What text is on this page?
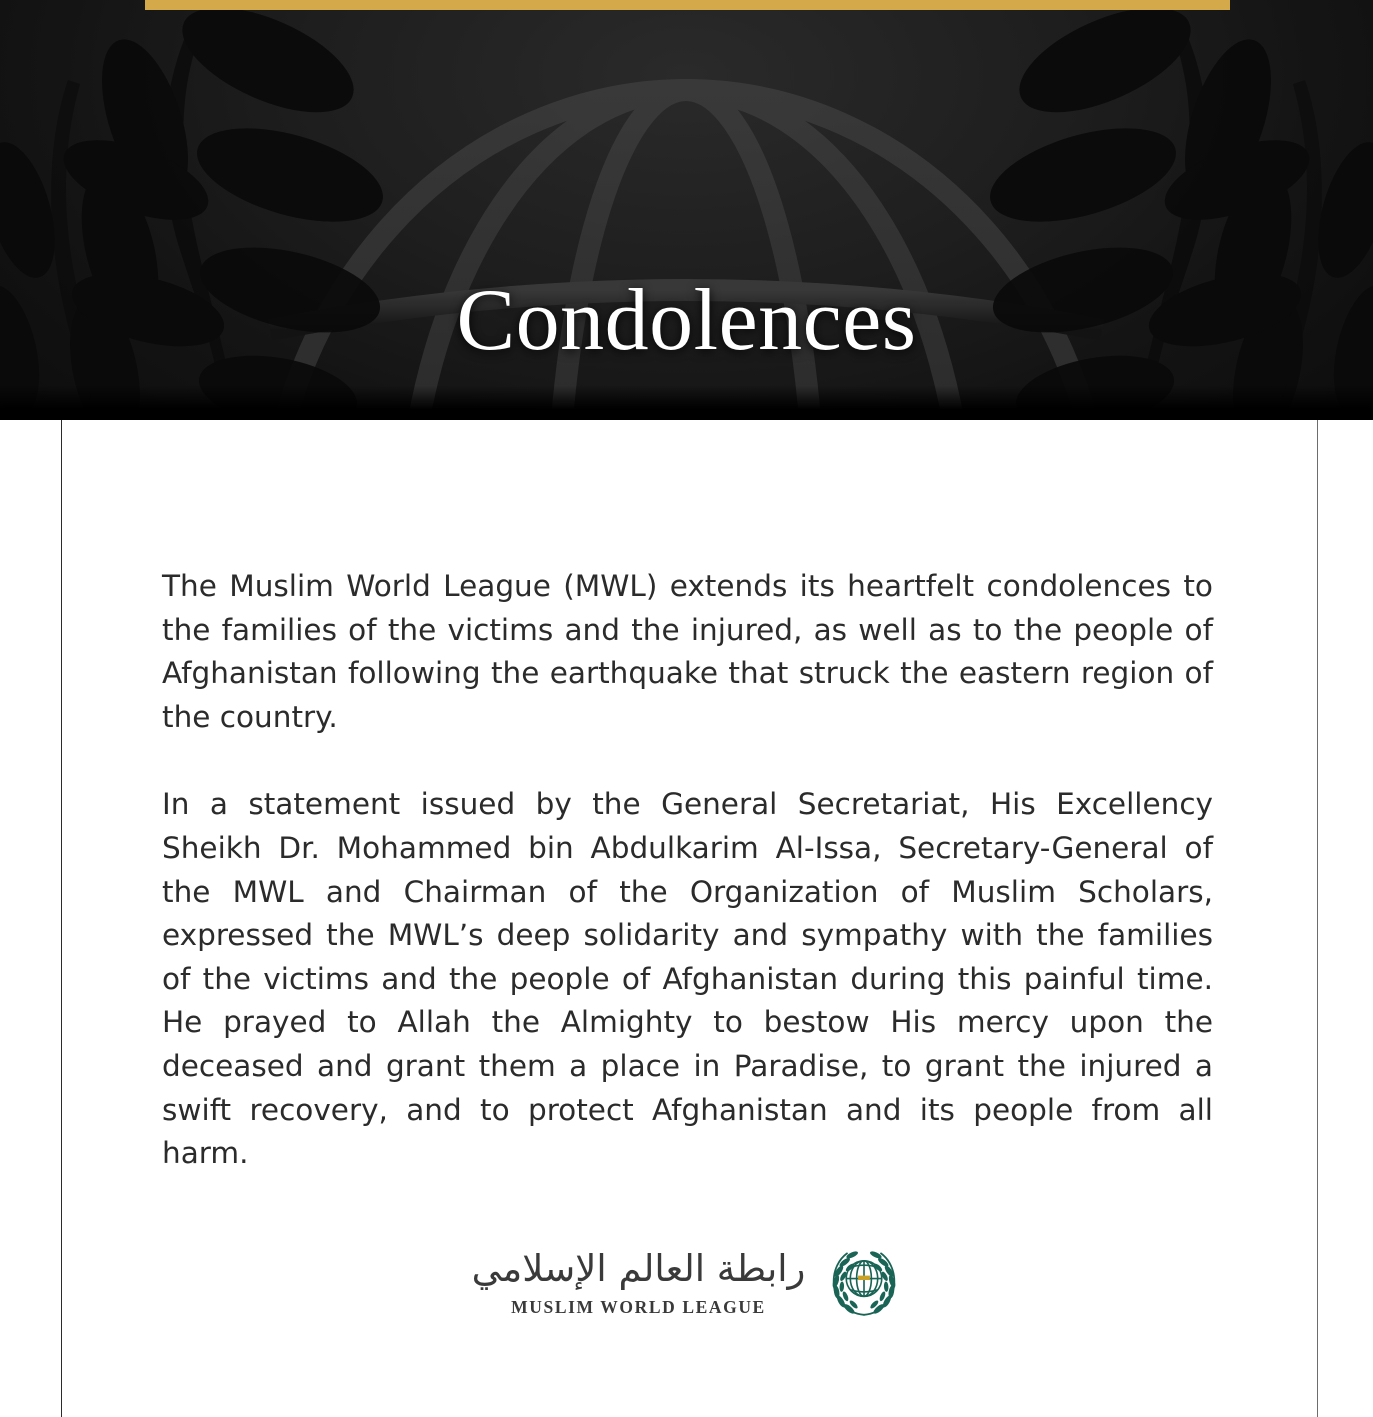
Condolences

The Muslim World League (MWL) extends its heartfelt condolences to the families of the victims and the injured, as well as to the people of Afghanistan following the earthquake that struck the eastern region of the country.

In a statement issued by the General Secretariat, His Excellency Sheikh Dr. Mohammed bin Abdulkarim Al-Issa, Secretary-General of the MWL and Chairman of the Organization of Muslim Scholars, expressed the MWL’s deep solidarity and sympathy with the families of the victims and the people of Afghanistan during this painful time. He prayed to Allah the Almighty to bestow His mercy upon the deceased and grant them a place in Paradise, to grant the injured a swift recovery, and to protect Afghanistan and its people from all harm.

رابطة العالم الإسلامي
MUSLIM WORLD LEAGUE
